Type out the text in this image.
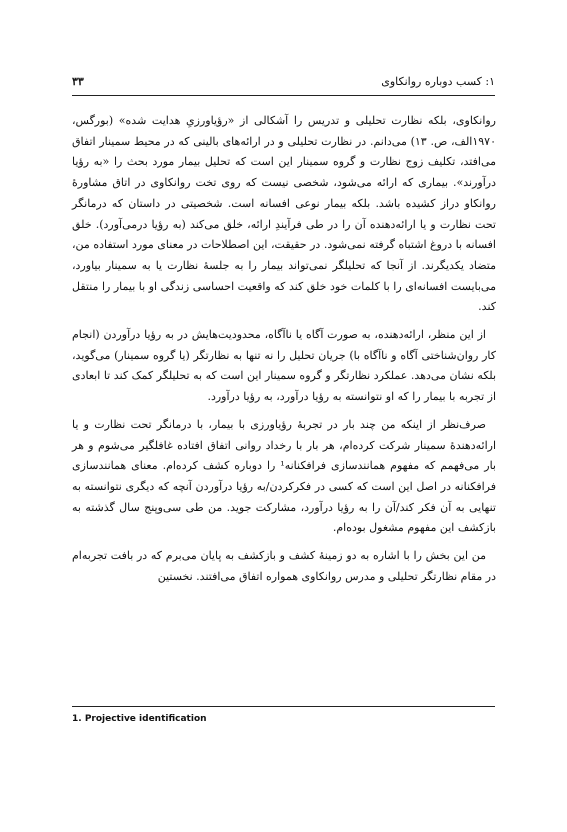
۳۳	۱: کسب دوباره روانکاوی

روانکاوی، بلکه نظارت تحلیلی و تدریس را آشکالی از «رؤیاورزیِ هدایت شده» (بورگس، ۱۹۷۰الف، ص. ۱۳) می‌دانم. در نظارت تحلیلی و در ارائه‌های بالینی که در محیط سمینار اتفاق می‌افتد، تکلیف زوج نظارت و گروه سمینار این است که تحلیل بیمار مورد بحث را «به رؤیا درآورند». بیماری که ارائه می‌شود، شخصی نیست که روی تخت روانکاوی در اتاق مشاورهٔ روانکاو دراز کشیده باشد. بلکه بیمار نوعی افسانه است. شخصیتی در داستان که درمانگر تحت نظارت و یا ارائه‌دهنده آن را در طی فرآیندِ ارائه، خلق می‌کند (به رؤیا درمی‌آورد). خلق افسانه با دروغ اشتباه گرفته نمی‌شود. در حقیقت، این اصطلاحات در معنای مورد استفاده من، متضاد یکدیگرند. از آنجا که تحلیلگر نمی‌تواند بیمار را به جلسهٔ نظارت یا به سمینار بیاورد، می‌بایست افسانه‌ای را با کلمات خود خلق کند که واقعیت احساسی زندگی او با بیمار را منتقل کند.

از این منظر، ارائه‌دهنده، به صورت آگاه یا ناآگاه، محدودیت‌هایش در به رؤیا درآوردن (انجام کار روان‌شناختی آگاه و ناآگاه با) جریان تحلیل را نه تنها به نظارتگر (یا گروه سمینار) می‌گوید، بلکه نشان می‌دهد. عملکرد نظارتگر و گروه سمینار این است که به تحلیلگر کمک کند تا ابعادی از تجربه با بیمار را که او نتوانسته به رؤیا درآورد، به رؤیا درآورد.

صرف‌نظر از اینکه من چند بار در تجربهٔ رؤیاورزی با بیمار، با درمانگر تحت نظارت و یا ارائه‌دهندهٔ سمینار شرکت کرده‌ام، هر بار با رخداد روانی اتفاق افتاده غافلگیر می‌شوم و هر بار می‌فهمم که مفهوم همانندسازی فرافکنانه¹ را دوباره کشف کرده‌ام. معنای همانندسازی فرافکنانه در اصل این است که کسی در فکرکردن/به رؤیا درآوردن آنچه که دیگری نتوانسته به تنهایی به آن فکر کند/آن را به رؤیا درآورد، مشارکت جوید. من طی سی‌وپنج سال گذشته به بازکشف این مفهوم مشغول بوده‌ام.

من این بخش را با اشاره به دو زمینهٔ کشف و بازکشف به پایان می‌برم که در بافت تجربه‌ام در مقام نظارتگر تحلیلی و مدرس روانکاوی همواره اتفاق می‌افتند. نخستین

1. Projective identification
